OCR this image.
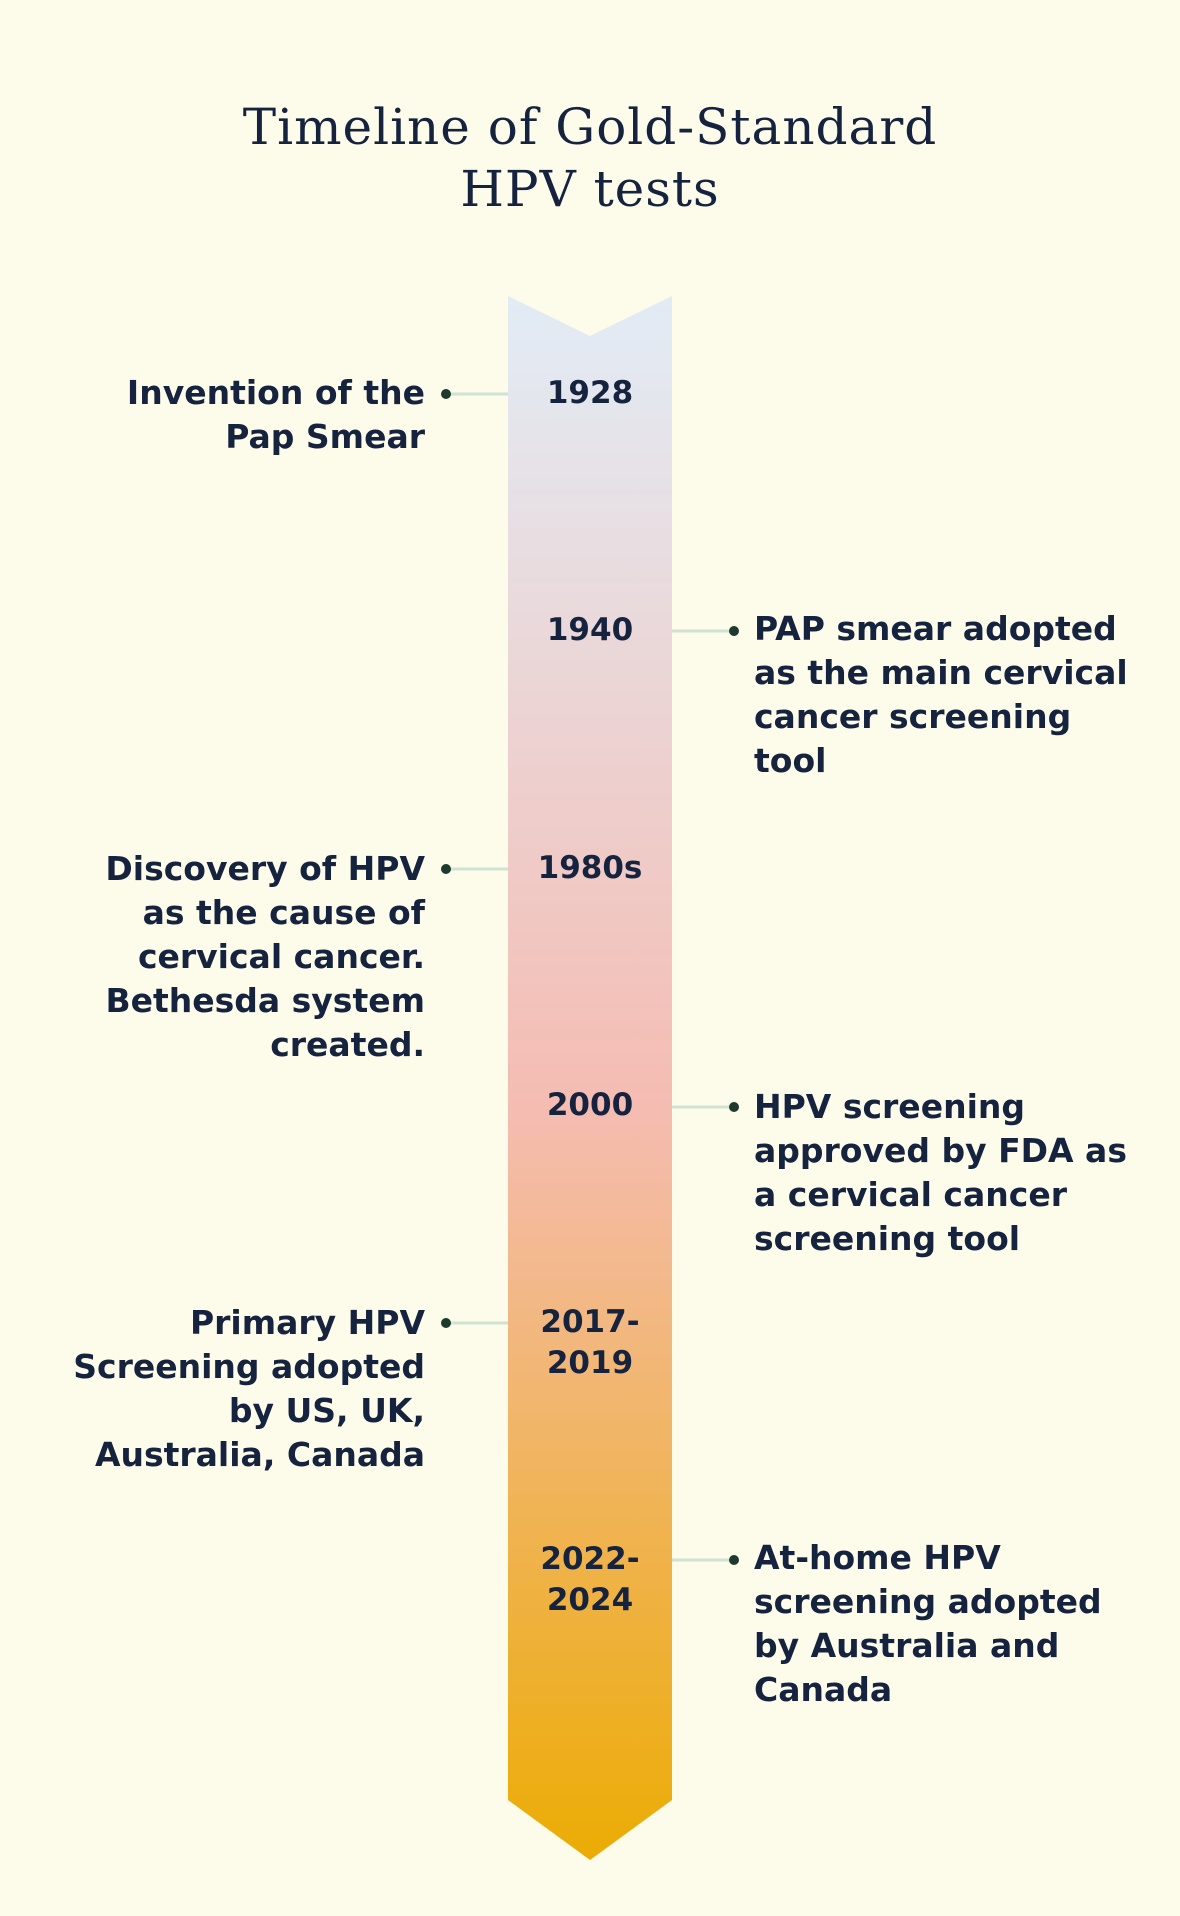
Timeline of Gold-Standard
HPV tests
1928
1940
1980s
2000
2017-
2019
2022-
2024
Invention of the
Pap Smear
PAP smear adopted
as the main cervical
cancer screening
tool
Discovery of HPV
as the cause of
cervical cancer.
Bethesda system
created.
HPV screening
approved by FDA as
a cervical cancer
screening tool
Primary HPV
Screening adopted
by US, UK,
Australia, Canada
At-home HPV
screening adopted
by Australia and
Canada
